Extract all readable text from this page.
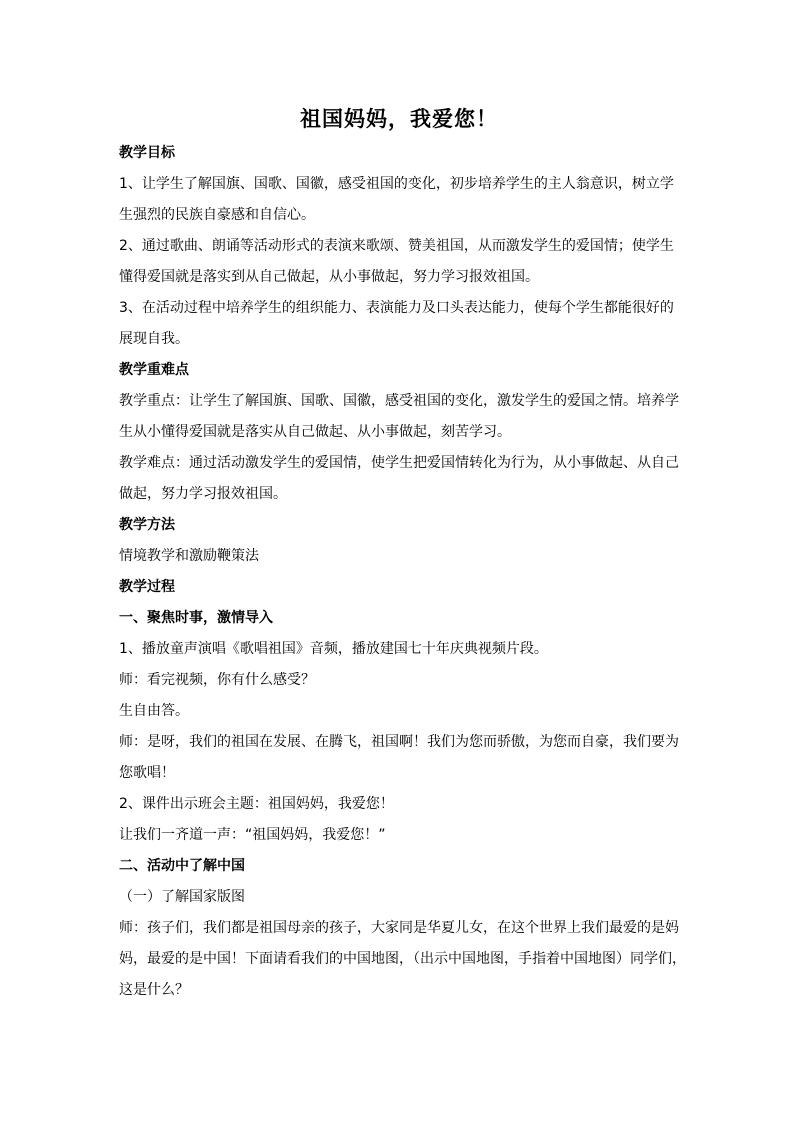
祖国妈妈，我爱您！
教学目标
1、让学生了解国旗、国歌、国徽，感受祖国的变化，初步培养学生的主人翁意识，树立学
生强烈的民族自豪感和自信心。
2、通过歌曲、朗诵等活动形式的表演来歌颂、赞美祖国，从而激发学生的爱国情；使学生
懂得爱国就是落实到从自己做起，从小事做起，努力学习报效祖国。
3、在活动过程中培养学生的组织能力、表演能力及口头表达能力，使每个学生都能很好的
展现自我。
教学重难点
教学重点：让学生了解国旗、国歌、国徽，感受祖国的变化，激发学生的爱国之情。培养学
生从小懂得爱国就是落实从自己做起、从小事做起，刻苦学习。
教学难点：通过活动激发学生的爱国情，使学生把爱国情转化为行为，从小事做起、从自己
做起，努力学习报效祖国。
教学方法
情境教学和激励鞭策法
教学过程
一、聚焦时事，激情导入
1、播放童声演唱《歌唱祖国》音频，播放建国七十年庆典视频片段。
师：看完视频，你有什么感受？
生自由答。
师：是呀，我们的祖国在发展、在腾飞，祖国啊！我们为您而骄傲，为您而自豪，我们要为
您歌唱！
2、课件出示班会主题：祖国妈妈，我爱您！
让我们一齐道一声：“祖国妈妈，我爱您！”
二、活动中了解中国
（一）了解国家版图
师：孩子们，我们都是祖国母亲的孩子，大家同是华夏儿女，在这个世界上我们最爱的是妈
妈，最爱的是中国！下面请看我们的中国地图，（出示中国地图，手指着中国地图）同学们，
这是什么？
